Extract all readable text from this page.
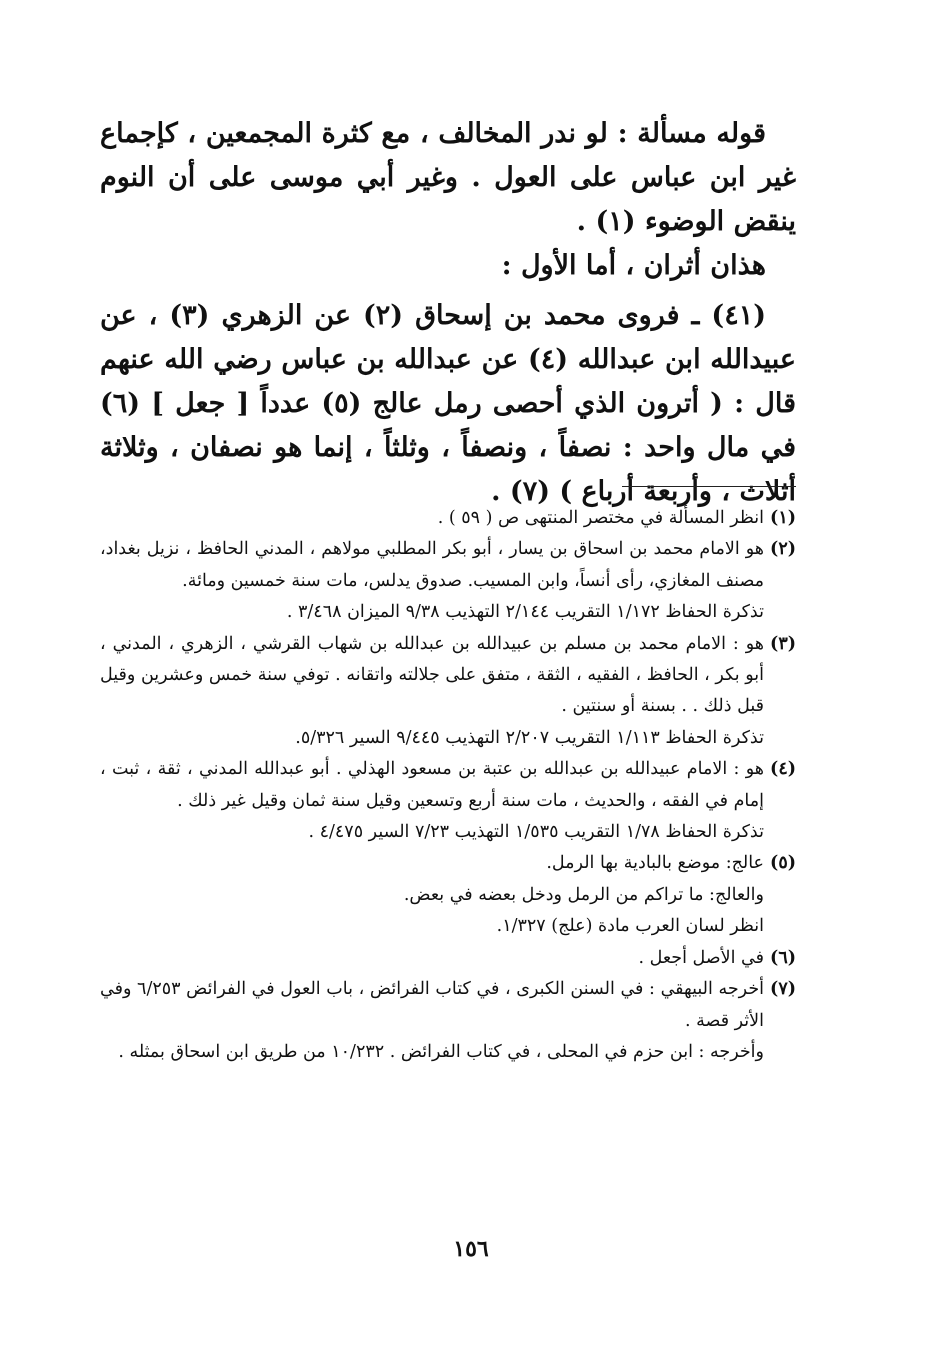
قوله مسألة : لو ندر المخالف ، مع كثرة المجمعين ، كإجماع غير ابن عباس على العول . وغير أبي موسى على أن النوم ينقض الوضوء (١) .

هذان أثران ، أما الأول :

(٤١) ـ فروى محمد بن إسحاق (٢) عن الزهري (٣) ، عن عبيدالله ابن عبدالله (٤) عن عبدالله بن عباس رضي الله عنهم قال : ( أترون الذي أحصى رمل عالج (٥) عدداً [ جعل ] (٦) في مال واحد : نصفاً ، ونصفاً ، وثلثاً ، إنما هو نصفان ، وثلاثة أثلاث ، وأربعة أرباع ) (٧) .

(١)

انظر المسألة في مختصر المنتهى ص ( ٥٩ ) .

(٢)

هو الامام محمد بن اسحاق بن يسار ، أبو بكر المطلبي مولاهم ، المدني الحافظ ، نزيل بغداد، مصنف المغازي، رأى أنساً، وابن المسيب. صدوق يدلس، مات سنة خمسين ومائة.

تذكرة الحفاظ ١/١٧٢ التقريب ٢/١٤٤ التهذيب ٩/٣٨ الميزان ٣/٤٦٨ .

(٣)

هو : الامام محمد بن مسلم بن عبيدالله بن عبدالله بن شهاب القرشي ، الزهري ، المدني ، أبو بكر ، الحافظ ، الفقيه ، الثقة ، متفق على جلالته واتقانه . توفي سنة خمس وعشرين وقيل قبل ذلك . . بسنة أو سنتين .

تذكرة الحفاظ ١/١١٣ التقريب ٢/٢٠٧ التهذيب ٩/٤٤٥ السير ٥/٣٢٦.

(٤)

هو : الامام عبيدالله بن عبدالله بن عتبة بن مسعود الهذلي . أبو عبدالله المدني ، ثقة ، ثبت ، إمام في الفقه ، والحديث ، مات سنة أربع وتسعين وقيل سنة ثمان وقيل غير ذلك .

تذكرة الحفاظ ١/٧٨ التقريب ١/٥٣٥ التهذيب ٧/٢٣ السير ٤/٤٧٥ .

(٥)

عالج: موضع بالبادية بها الرمل.

والعالج: ما تراكم من الرمل ودخل بعضه في بعض.

انظر لسان العرب مادة (علج) ١/٣٢٧.

(٦)

في الأصل أجعل .

(٧)

أخرجه البيهقي : في السنن الكبرى ، في كتاب الفرائض ، باب العول في الفرائض ٦/٢٥٣ وفي الأثر قصة .

وأخرجه : ابن حزم في المحلى ، في كتاب الفرائض . ١٠/٢٣٢ من طريق ابن اسحاق بمثله .

١٥٦
